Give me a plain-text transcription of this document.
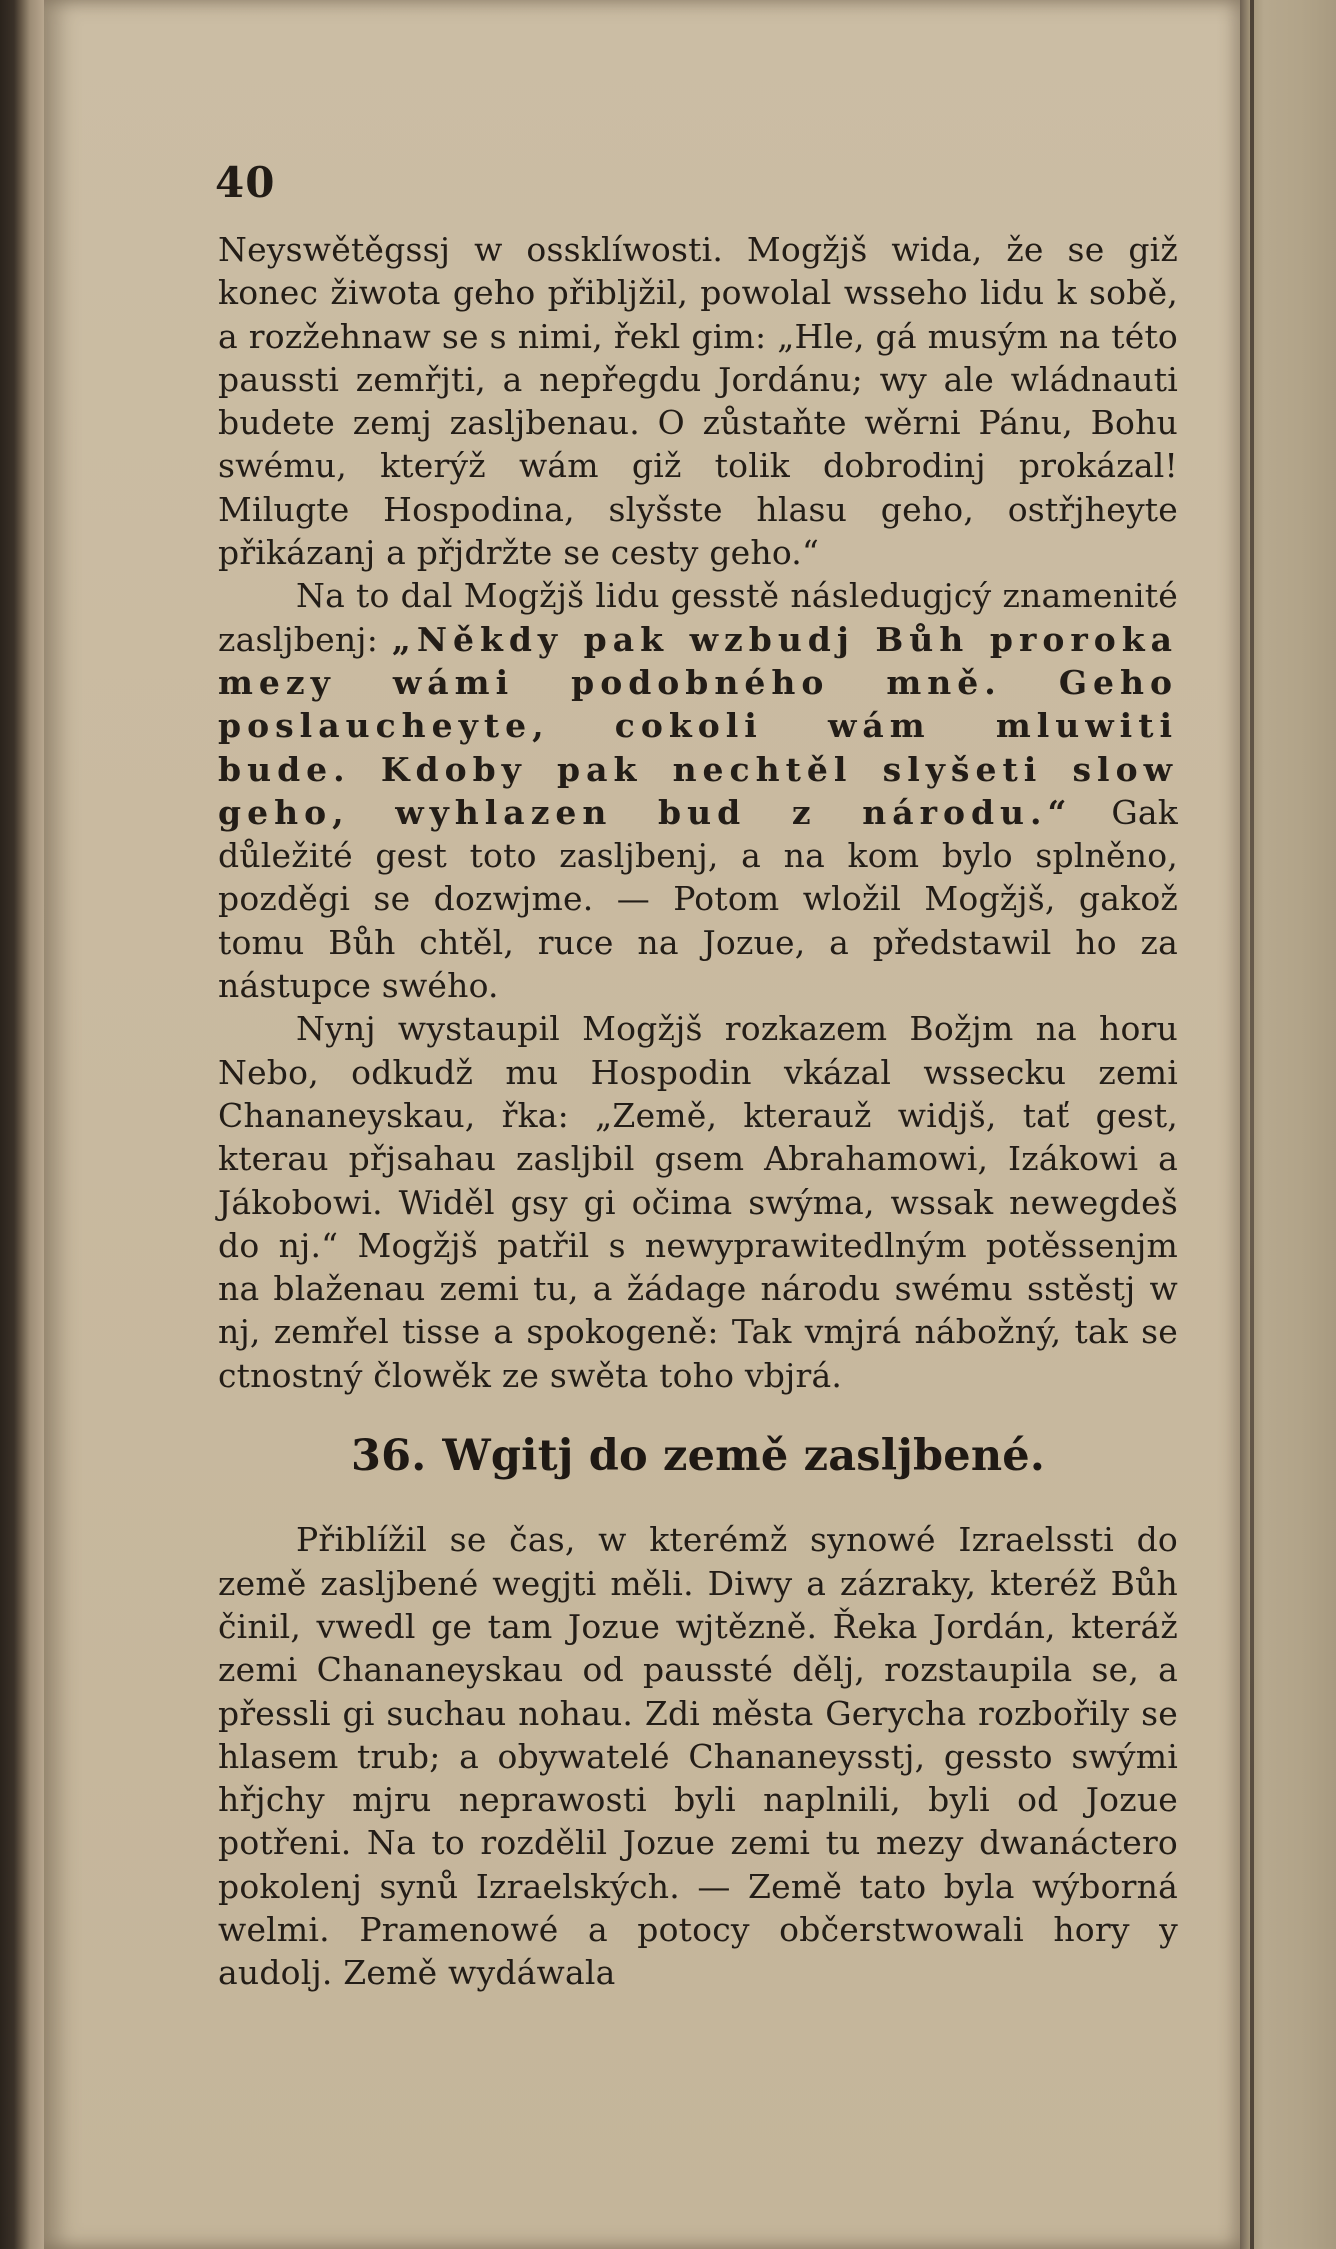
40

Neyswětěgssj w ossklíwosti. Mogžjš wida, že se giž konec žiwota geho přibljžil, powolal wsseho lidu k sobě, a rozžehnaw se s nimi, řekl gim: „Hle, gá musým na této paussti zemřjti, a nepřegdu Jordánu; wy ale wládnauti budete zemj zasljbenau. O zůstaňte wěrni Pánu, Bohu swému, kterýž wám giž tolik dobrodinj prokázal! Milugte Hospodina, slyšste hlasu geho, ostřjheyte přikázanj a přjdržte se cesty geho.“

Na to dal Mogžjš lidu gesstě následugjcý znamenité zasljbenj: „Někdy pak wzbudj Bůh proroka mezy wámi podobného mně. Geho poslaucheyte, cokoli wám mluwiti bude. Kdoby pak nechtěl slyšeti slow geho, wyhlazen bud z národu.“ Gak důležité gest toto zasljbenj, a na kom bylo splněno, pozděgi se dozwjme. — Potom wložil Mogžjš, gakož tomu Bůh chtěl, ruce na Jozue, a předstawil ho za nástupce swého.

Nynj wystaupil Mogžjš rozkazem Božjm na horu Nebo, odkudž mu Hospodin vkázal wssecku zemi Chananeyskau, řka: „Země, kterauž widjš, tať gest, kterau přjsahau zasljbil gsem Abrahamowi, Izákowi a Jákobowi. Widěl gsy gi očima swýma, wssak newegdeš do nj.“ Mogžjš patřil s newyprawitedlným potěssenjm na blaženau zemi tu, a žádage národu swému sstěstj w nj, zemřel tisse a spokogeně: Tak vmjrá nábožný, tak se ctnostný člowěk ze swěta toho vbjrá.

36. Wgitj do země zasljbené.

Přiblížil se čas, w kterémž synowé Izraelssti do země zasljbené wegjti měli. Diwy a zázraky, kteréž Bůh činil, vwedl ge tam Jozue wjtězně. Řeka Jordán, kteráž zemi Chananeyskau od paussté dělj, rozstaupila se, a přessli gi suchau nohau. Zdi města Gerycha rozbořily se hlasem trub; a obywatelé Chananeysstj, gessto swými hřjchy mjru neprawosti byli naplnili, byli od Jozue potřeni. Na to rozdělil Jozue zemi tu mezy dwanáctero pokolenj synů Izraelských. — Země tato byla wýborná welmi. Pramenowé a potocy občerstwowali hory y audolj. Země wydáwala
